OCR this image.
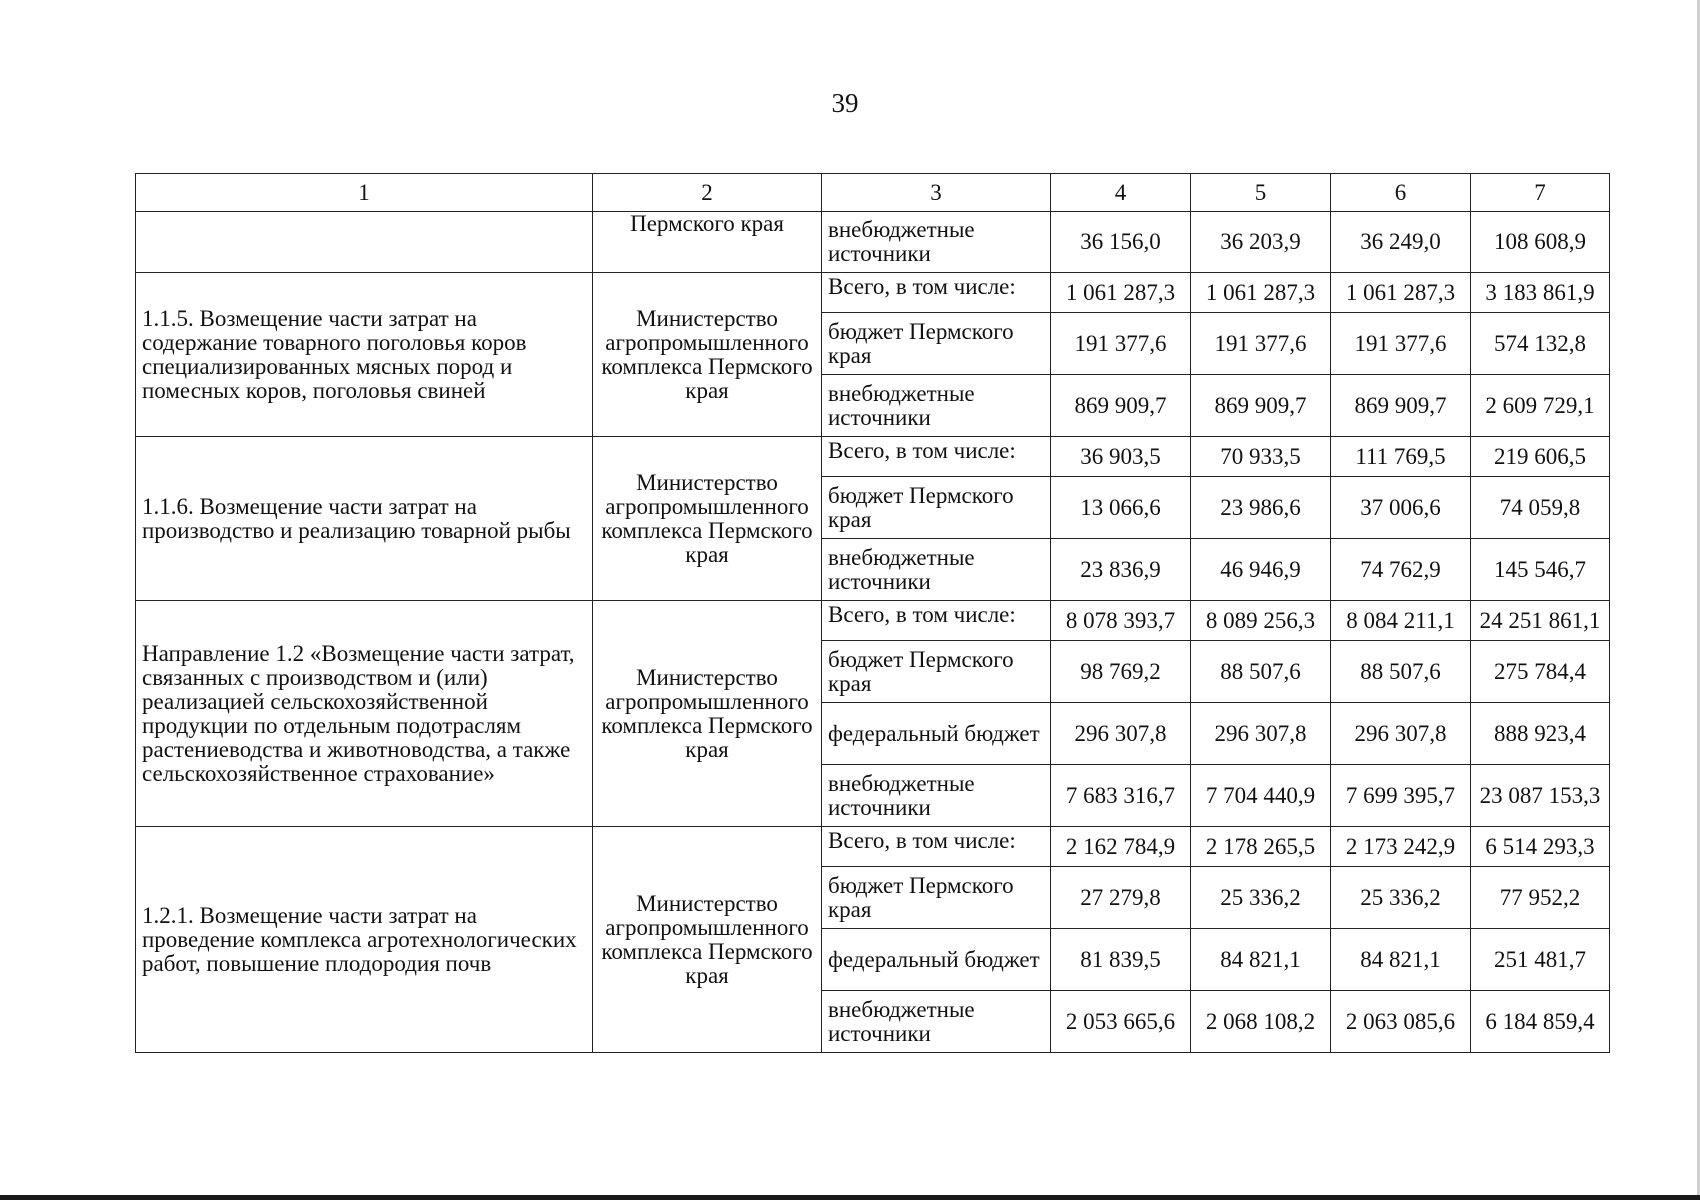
39
1	2	3	4	5	6	7
	Пермского края	внебюджетные источники	36 156,0	36 203,9	36 249,0	108 608,9
1.1.5. Возмещение части затрат на содержание товарного поголовья коров специализированных мясных пород и помесных коров, поголовья свиней	Министерство агропромышленного комплекса Пермского края	Всего, в том числе:	1 061 287,3	1 061 287,3	1 061 287,3	3 183 861,9
		бюджет Пермского края	191 377,6	191 377,6	191 377,6	574 132,8
		внебюджетные источники	869 909,7	869 909,7	869 909,7	2 609 729,1
1.1.6. Возмещение части затрат на производство и реализацию товарной рыбы	Министерство агропромышленного комплекса Пермского края	Всего, в том числе:	36 903,5	70 933,5	111 769,5	219 606,5
		бюджет Пермского края	13 066,6	23 986,6	37 006,6	74 059,8
		внебюджетные источники	23 836,9	46 946,9	74 762,9	145 546,7
Направление 1.2 «Возмещение части затрат, связанных с производством и (или) реализацией сельскохозяйственной продукции по отдельным подотраслям растениеводства и животноводства, а также сельскохозяйственное страхование»	Министерство агропромышленного комплекса Пермского края	Всего, в том числе:	8 078 393,7	8 089 256,3	8 084 211,1	24 251 861,1
		бюджет Пермского края	98 769,2	88 507,6	88 507,6	275 784,4
		федеральный бюджет	296 307,8	296 307,8	296 307,8	888 923,4
		внебюджетные источники	7 683 316,7	7 704 440,9	7 699 395,7	23 087 153,3
1.2.1. Возмещение части затрат на проведение комплекса агротехнологических работ, повышение плодородия почв	Министерство агропромышленного комплекса Пермского края	Всего, в том числе:	2 162 784,9	2 178 265,5	2 173 242,9	6 514 293,3
		бюджет Пермского края	27 279,8	25 336,2	25 336,2	77 952,2
		федеральный бюджет	81 839,5	84 821,1	84 821,1	251 481,7
		внебюджетные источники	2 053 665,6	2 068 108,2	2 063 085,6	6 184 859,4
